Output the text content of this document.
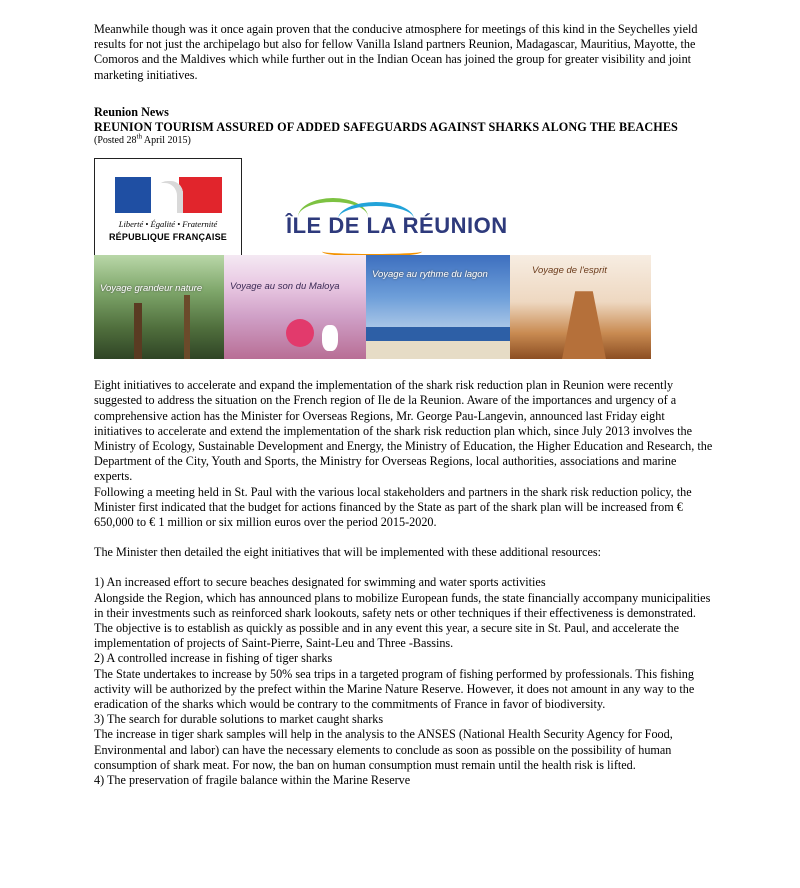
Meanwhile though was it once again proven that the conducive atmosphere for meetings of this kind in the Seychelles yield results for not just the archipelago but also for fellow Vanilla Island partners Reunion, Madagascar, Mauritius, Mayotte, the Comoros and the Maldives which while further out in the Indian Ocean has joined the group for greater visibility and joint marketing initiatives.

Reunion News

REUNION TOURISM ASSURED OF ADDED SAFEGUARDS AGAINST SHARKS ALONG THE BEACHES

(Posted 28th April 2015)

Liberté • Égalité • Fraternité
RÉPUBLIQUE FRANÇAISE	ÎLE DE LA RÉUNION
Voyage grandeur nature	Voyage au son du Maloya
Voyage au rythme du lagon	Voyage de l'esprit

Eight initiatives to accelerate and expand the implementation of the shark risk reduction plan in Reunion were recently suggested to address the situation on the French region of Ile de la Reunion. Aware of the importances and urgency of a comprehensive action has the Minister for Overseas Regions, Mr. George Pau-Langevin, announced last Friday eight initiatives to accelerate and extend the implementation of the shark risk reduction plan which, since July 2013 involves the Ministry of Ecology, Sustainable Development and Energy, the Ministry of Education, the Higher Education and Research, the Department of the City, Youth and Sports, the Ministry for Overseas Regions, local authorities, associations and marine experts.

Following a meeting held in St. Paul with the various local stakeholders and partners in the shark risk reduction policy, the Minister first indicated that the budget for actions financed by the State as part of the shark plan will be increased from € 650,000 to € 1 million or six million euros over the period 2015-2020.

The Minister then detailed the eight initiatives that will be implemented with these additional resources:

1) An increased effort to secure beaches designated for swimming and water sports activities

Alongside the Region, which has announced plans to mobilize European funds, the state financially accompany municipalities in their investments such as reinforced shark lookouts, safety nets or other techniques if their effectiveness is demonstrated. The objective is to establish as quickly as possible and in any event this year, a secure site in St. Paul, and accelerate the implementation of projects of Saint-Pierre, Saint-Leu and Three -Bassins.

2) A controlled increase in fishing of tiger sharks

The State undertakes to increase by 50% sea trips in a targeted program of fishing performed by professionals. This fishing activity will be authorized by the prefect within the Marine Nature Reserve. However, it does not amount in any way to the eradication of the sharks which would be contrary to the commitments of France in favor of biodiversity.

3) The search for durable solutions to market caught sharks

The increase in tiger shark samples will help in the analysis to the ANSES (National Health Security Agency for Food, Environmental and labor) can have the necessary elements to conclude as soon as possible on the possibility of human consumption of shark meat. For now, the ban on human consumption must remain until the health risk is lifted.

4) The preservation of fragile balance within the Marine Reserve
